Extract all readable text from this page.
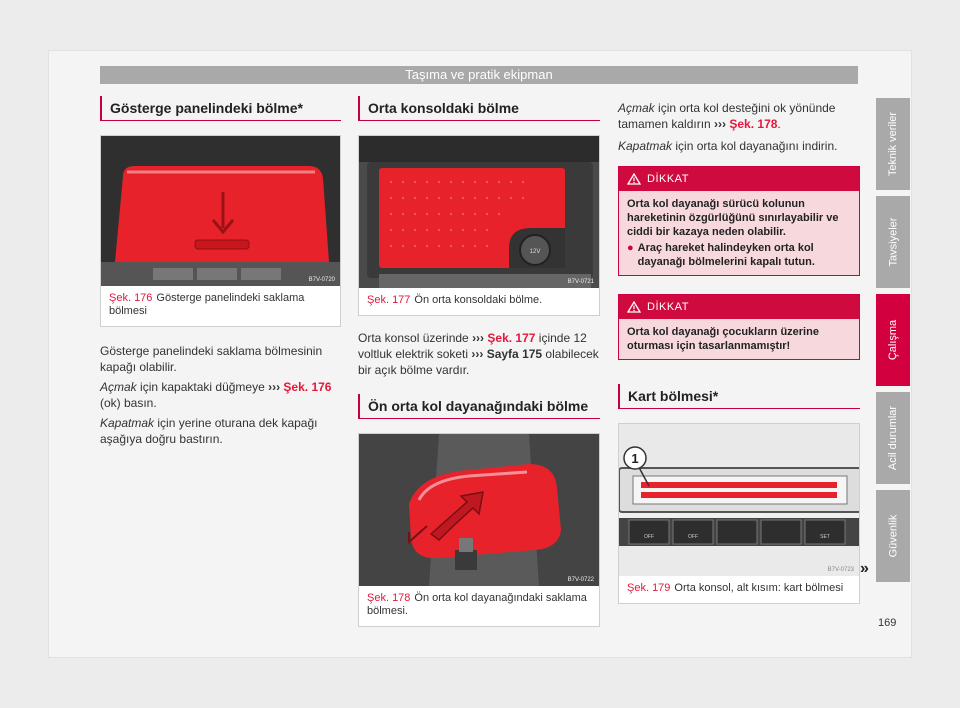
Taşıma ve pratik ekipman
Gösterge panelindeki bölme*
B7V-0720
Şek. 176 Gösterge panelindeki saklama bölmesi

Gösterge panelindeki saklama bölmesinin kapağı olabilir.

Açmak için kapaktaki düğmeye ››› Şek. 176 (ok) basın.

Kapatmak için yerine oturana dek kapağı aşağıya doğru bastırın.

Orta konsoldaki bölme
12V
B7V-0721
Şek. 177 Ön orta konsoldaki bölme.

Orta konsol üzerinde ››› Şek. 177 içinde 12 voltluk elektrik soketi ››› Sayfa 175 olabilecek bir açık bölme vardır.

Ön orta kol dayanağındaki bölme
B7V-0722
Şek. 178 Ön orta kol dayanağındaki saklama bölmesi.

Açmak için orta kol desteğini ok yönünde tamamen kaldırın ››› Şek. 178.

Kapatmak için orta kol dayanağını indirin.

DİKKAT
Orta kol dayanağı sürücü kolunun hareketinin özgürlüğünü sınırlayabilir ve ciddi bir kazaya neden olabilir.
● Araç hareket halindeyken orta kol dayanağı bölmelerini kapalı tutun.
DİKKAT
Orta kol dayanağı çocukların üzerine oturması için tasarlanmamıştır!
Kart bölmesi*
1
OFF	OFF	SET
B7V-0723
Şek. 179 Orta konsol, alt kısım: kart bölmesi
»
Teknik veriler
Tavsiyeler
Çalışma
Acil durumlar
Güvenlik
169
